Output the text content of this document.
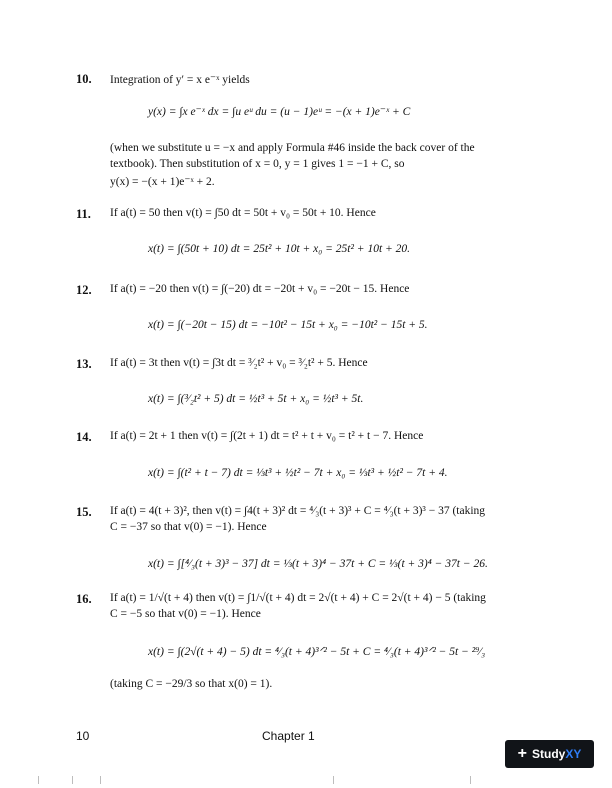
10. Integration of y′ = x e⁻ˣ yields
y(x) = ∫x e⁻ˣ dx = ∫u eᵘ du = (u − 1)eᵘ = −(x + 1)e⁻ˣ + C
(when we substitute u = −x and apply Formula #46 inside the back cover of the
textbook). Then substitution of x = 0, y = 1 gives 1 = −1 + C, so
y(x) = −(x + 1)e⁻ˣ + 2.
11. If a(t) = 50 then v(t) = ∫50 dt = 50t + v₀ = 50t + 10. Hence
x(t) = ∫(50t + 10) dt = 25t² + 10t + x₀ = 25t² + 10t + 20.
12. If a(t) = −20 then v(t) = ∫(−20) dt = −20t + v₀ = −20t − 15. Hence
x(t) = ∫(−20t − 15) dt = −10t² − 15t + x₀ = −10t² − 15t + 5.
13. If a(t) = 3t then v(t) = ∫3t dt = ³⁄₂t² + v₀ = ³⁄₂t² + 5. Hence
x(t) = ∫(³⁄₂t² + 5) dt = ½t³ + 5t + x₀ = ½t³ + 5t.
14. If a(t) = 2t + 1 then v(t) = ∫(2t + 1) dt = t² + t + v₀ = t² + t − 7. Hence
x(t) = ∫(t² + t − 7) dt = ⅓t³ + ½t² − 7t + x₀ = ⅓t³ + ½t² − 7t + 4.
15. If a(t) = 4(t + 3)², then v(t) = ∫4(t + 3)² dt = ⁴⁄₃(t + 3)³ + C = ⁴⁄₃(t + 3)³ − 37 (taking
C = −37 so that v(0) = −1). Hence
x(t) = ∫[⁴⁄₃(t + 3)³ − 37] dt = ⅓(t + 3)⁴ − 37t + C = ⅓(t + 3)⁴ − 37t − 26.
16. If a(t) = 1/√(t + 4) then v(t) = ∫1/√(t + 4) dt = 2√(t + 4) + C = 2√(t + 4) − 5 (taking
C = −5 so that v(0) = −1). Hence
x(t) = ∫(2√(t + 4) − 5) dt = ⁴⁄₃(t + 4)³ᐟ² − 5t + C = ⁴⁄₃(t + 4)³ᐟ² − 5t − ²⁹⁄₃
(taking C = −29/3 so that x(0) = 1).
10	Chapter 1
+ Study XY
